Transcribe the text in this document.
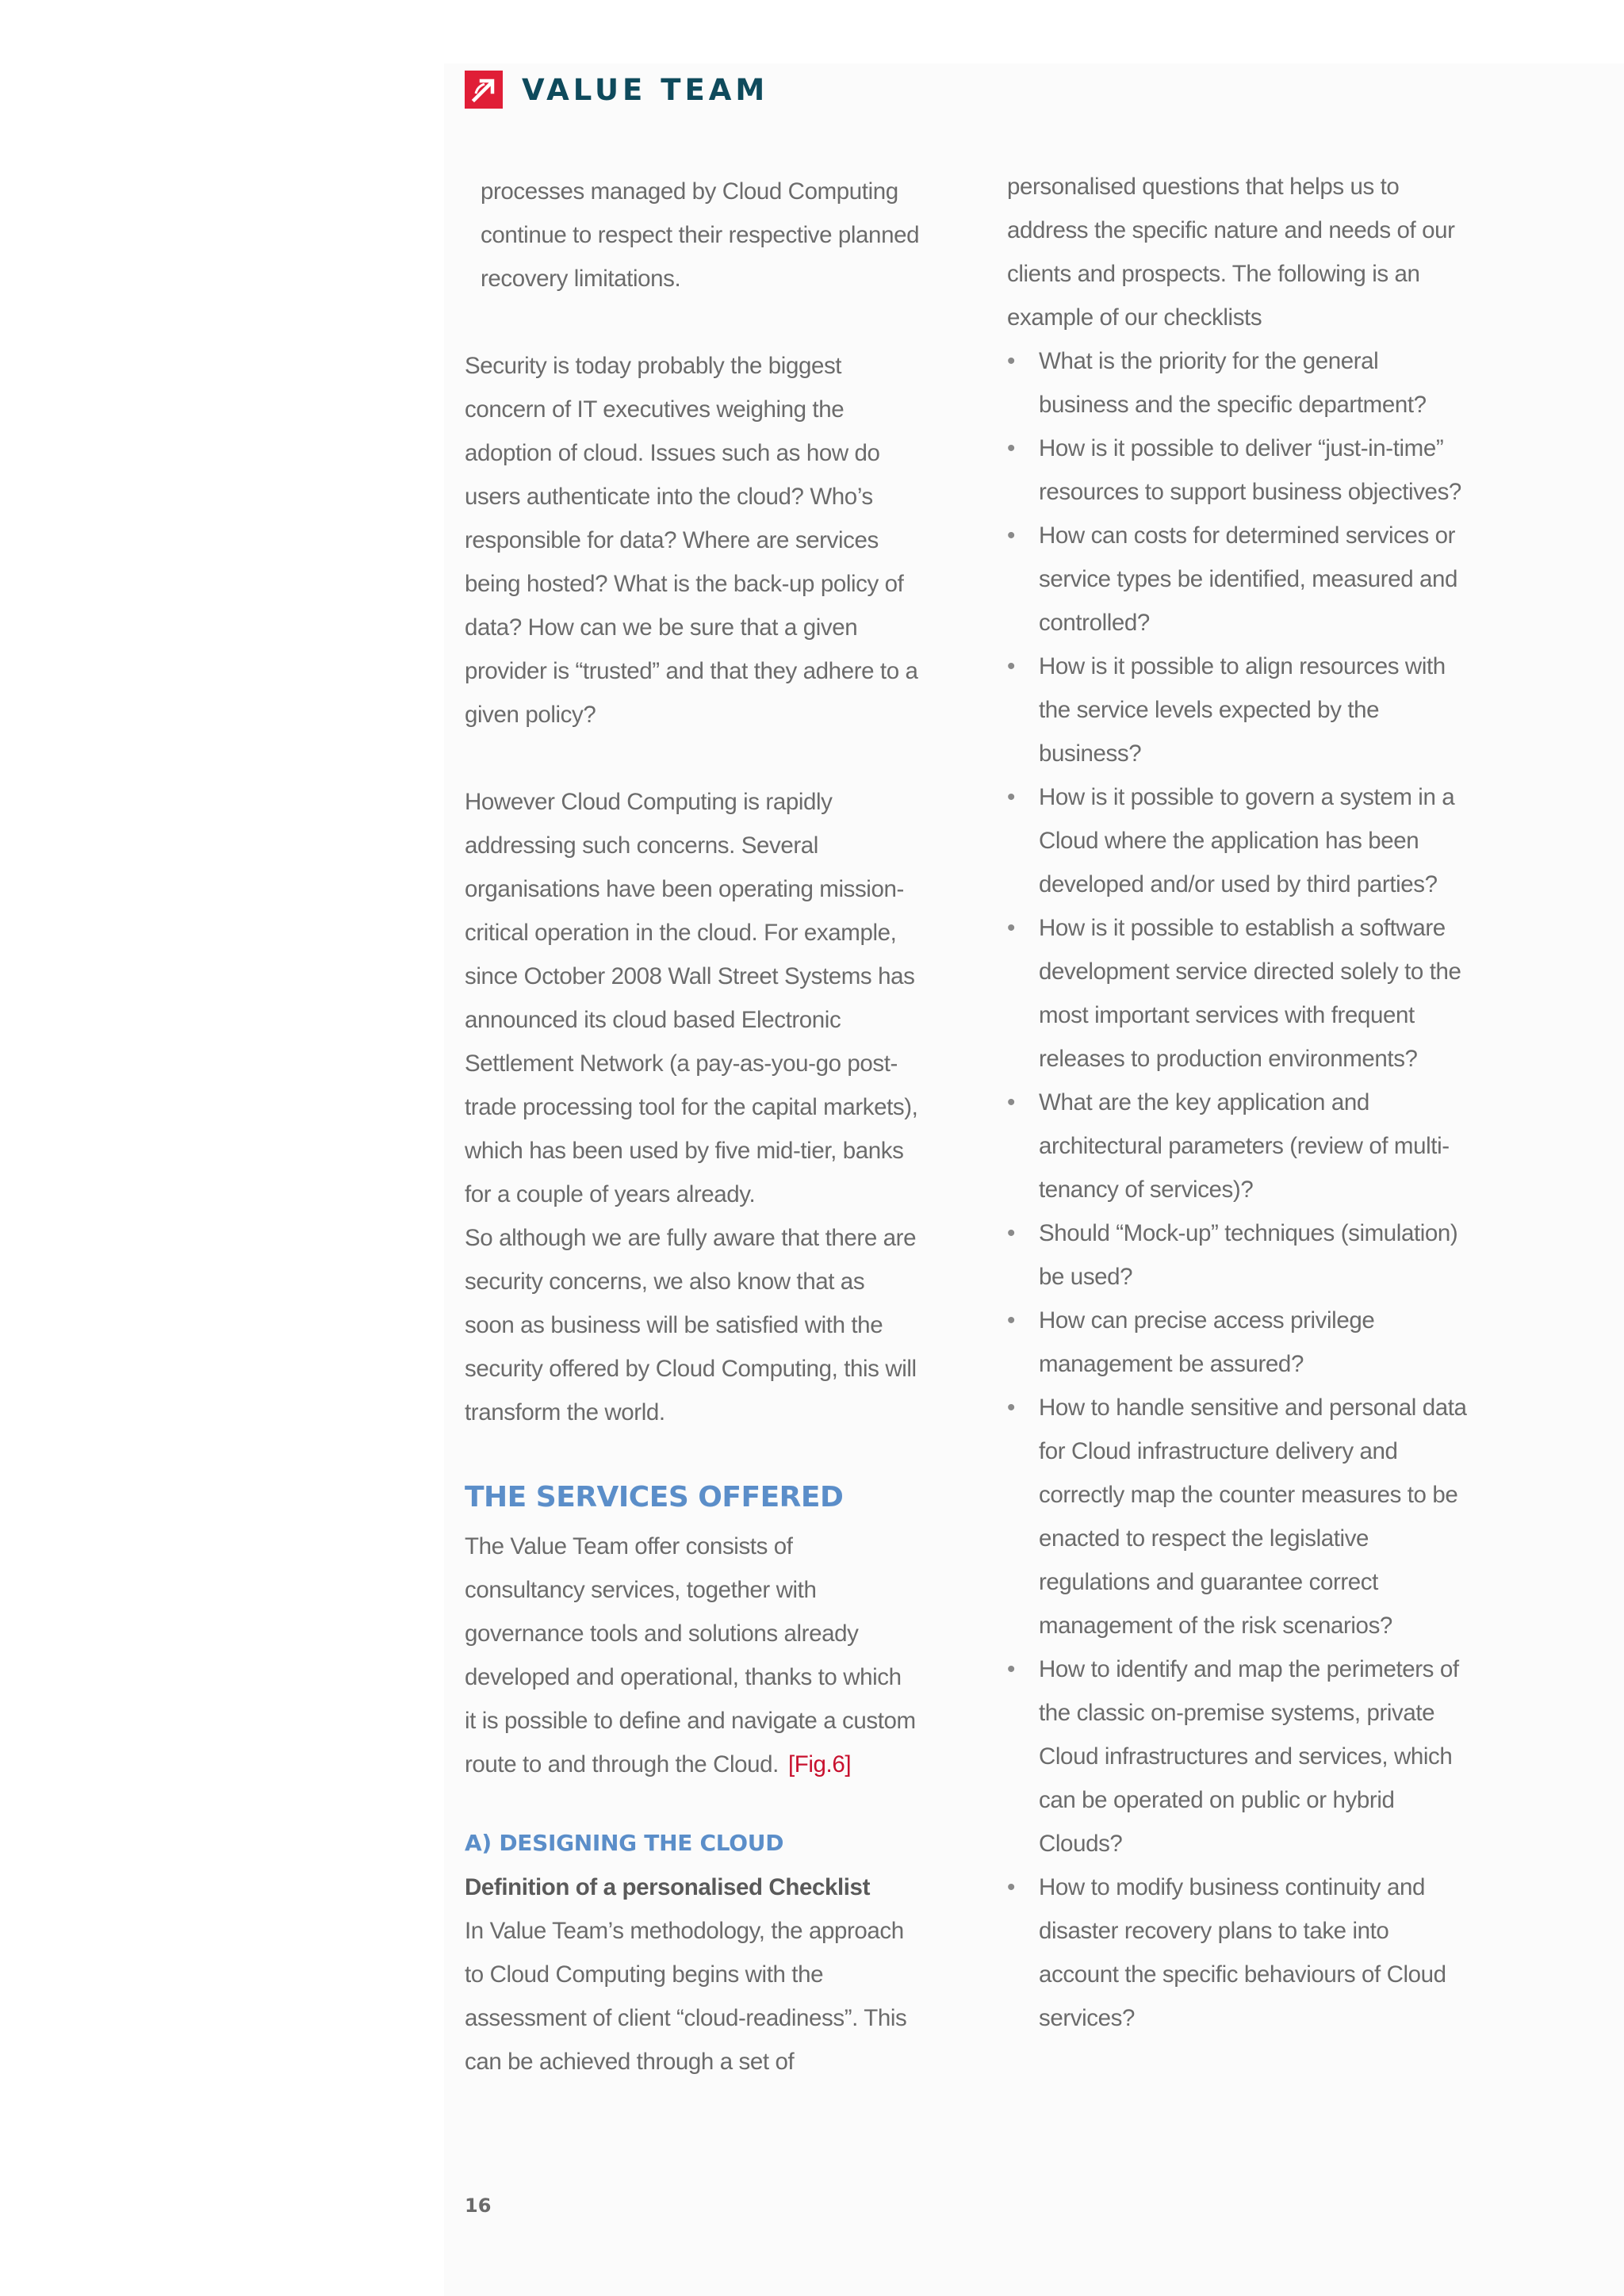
VALUE TEAM
processes managed by Cloud Computing
continue to respect their respective planned
recovery limitations.
Security is today probably the biggest
concern of IT executives weighing the
adoption of cloud. Issues such as how do
users authenticate into the cloud? Who’s
responsible for data? Where are services
being hosted? What is the back-up policy of
data? How can we be sure that a given
provider is “trusted” and that they adhere to a
given policy?
However Cloud Computing is rapidly
addressing such concerns. Several
organisations have been operating mission-
critical operation in the cloud. For example,
since October 2008 Wall Street Systems has
announced its cloud based Electronic
Settlement Network (a pay-as-you-go post-
trade processing tool for the capital markets),
which has been used by five mid-tier, banks
for a couple of years already.
So although we are fully aware that there are
security concerns, we also know that as
soon as business will be satisfied with the
security offered by Cloud Computing, this will
transform the world.
THE SERVICES OFFERED
The Value Team offer consists of
consultancy services, together with
governance tools and solutions already
developed and operational, thanks to which
it is possible to define and navigate a custom
route to and through the Cloud. [Fig.6]
A) DESIGNING THE CLOUD

Definition of a personalised Checklist

In Value Team’s methodology, the approach
to Cloud Computing begins with the
assessment of client “cloud-readiness”. This
can be achieved through a set of
personalised questions that helps us to
address the specific nature and needs of our
clients and prospects. The following is an
example of our checklists
• What is the priority for the general
business and the specific department?
• How is it possible to deliver “just-in-time”
resources to support business objectives?
• How can costs for determined services or
service types be identified, measured and
controlled?
• How is it possible to align resources with
the service levels expected by the
business?
• How is it possible to govern a system in a
Cloud where the application has been
developed and/or used by third parties?
• How is it possible to establish a software
development service directed solely to the
most important services with frequent
releases to production environments?
• What are the key application and
architectural parameters (review of multi-
tenancy of services)?
• Should “Mock-up” techniques (simulation)
be used?
• How can precise access privilege
management be assured?
• How to handle sensitive and personal data
for Cloud infrastructure delivery and
correctly map the counter measures to be
enacted to respect the legislative
regulations and guarantee correct
management of the risk scenarios?
• How to identify and map the perimeters of
the classic on-premise systems, private
Cloud infrastructures and services, which
can be operated on public or hybrid
Clouds?
• How to modify business continuity and
disaster recovery plans to take into
account the specific behaviours of Cloud
services?
16
